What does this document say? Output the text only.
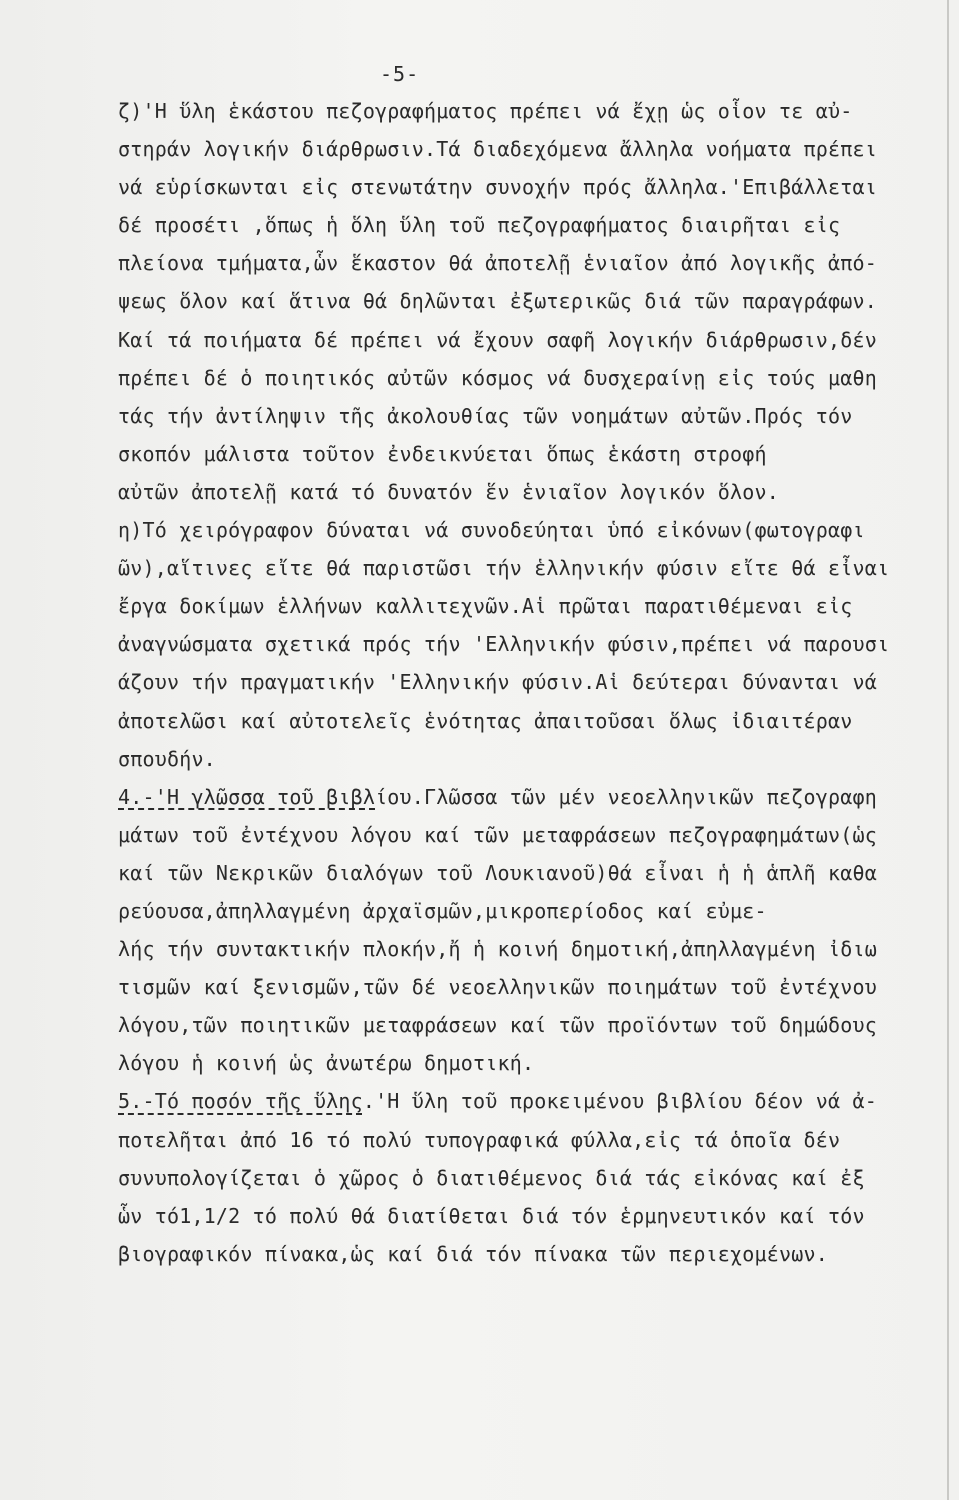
-5-
ζ)'Η ὕλη ἑκάστου πεζογραφήματος πρέπει νά ἔχῃ ὡς οἷον τε αὐ-
στηράν λογικήν διάρθρωσιν.Τά διαδεχόμενα ἄλληλα νοήματα πρέπει
νά εὑρίσκωνται εἰς στενωτάτην συνοχήν πρός ἄλληλα.'Επιβάλλεται
δέ προσέτι ,ὅπως ἡ ὅλη ὕλη τοῦ πεζογραφήματος διαιρῆται εἰς
πλείονα τμήματα,ὧν ἕκαστον θά ἀποτελῇ ἑνιαῖον ἀπό λογικῆς ἀπό-
ψεως ὅλον καί ἅτινα θά δηλῶνται ἐξωτερικῶς διά τῶν παραγράφων.
Καί τά ποιήματα δέ πρέπει νά ἔχουν σαφῆ λογικήν διάρθρωσιν,δέν
πρέπει δέ ὁ ποιητικός αὐτῶν κόσμος νά δυσχεραίνῃ εἰς τούς μαθη
τάς τήν ἀντίληψιν τῆς ἀκολουθίας τῶν νοημάτων αὐτῶν.Πρός τόν
σκοπόν μάλιστα τοῦτον ἐνδεικνύεται ὅπως ἑκάστη στροφή
αὐτῶν ἀποτελῇ κατά τό δυνατόν ἕν ἑνιαῖον λογικόν ὅλον.
η)Τό χειρόγραφον δύναται νά συνοδεύηται ὑπό εἰκόνων(φωτογραφι
ῶν),αἵτινες εἴτε θά παριστῶσι τήν ἑλληνικήν φύσιν εἴτε θά εἶναι
ἔργα δοκίμων ἑλλήνων καλλιτεχνῶν.Αἱ πρῶται παρατιθέμεναι εἰς
ἀναγνώσματα σχετικά πρός τήν 'Ελληνικήν φύσιν,πρέπει νά παρουσι
άζουν τήν πραγματικήν 'Ελληνικήν φύσιν.Αἱ δεύτεραι δύνανται νά
ἀποτελῶσι καί αὐτοτελεῖς ἑνότητας ἀπαιτοῦσαι ὅλως ἰδιαιτέραν
σπουδήν.
4.-'Η γλῶσσα τοῦ βιβλίου.Γλῶσσα τῶν μέν νεοελληνικῶν πεζογραφη
μάτων τοῦ ἐντέχνου λόγου καί τῶν μεταφράσεων πεζογραφημάτων(ὡς
καί τῶν Νεκρικῶν διαλόγων τοῦ Λουκιανοῦ)θά εἶναι ἡ ἡ ἁπλῆ καθα
ρεύουσα,ἀπηλλαγμένη ἀρχαϊσμῶν,μικροπερίοδος καί εὐμε-
λής τήν συντακτικήν πλοκήν,ἤ ἡ κοινή δημοτική,ἀπηλλαγμένη ἰδιω
τισμῶν καί ξενισμῶν,τῶν δέ νεοελληνικῶν ποιημάτων τοῦ ἐντέχνου
λόγου,τῶν ποιητικῶν μεταφράσεων καί τῶν προϊόντων τοῦ δημώδους
λόγου ἡ κοινή ὡς ἀνωτέρω δημοτική.
5.-Τό ποσόν τῆς ὕλης.'Η ὕλη τοῦ προκειμένου βιβλίου δέον νά ἀ-
ποτελῆται ἀπό 16 τό πολύ τυπογραφικά φύλλα,εἰς τά ὁποῖα δέν
συνυπολογίζεται ὁ χῶρος ὁ διατιθέμενος διά τάς εἰκόνας καί ἐξ
ὧν τό1,1/2 τό πολύ θά διατίθεται διά τόν ἑρμηνευτικόν καί τόν
βιογραφικόν πίνακα,ὡς καί διά τόν πίνακα τῶν περιεχομένων.
